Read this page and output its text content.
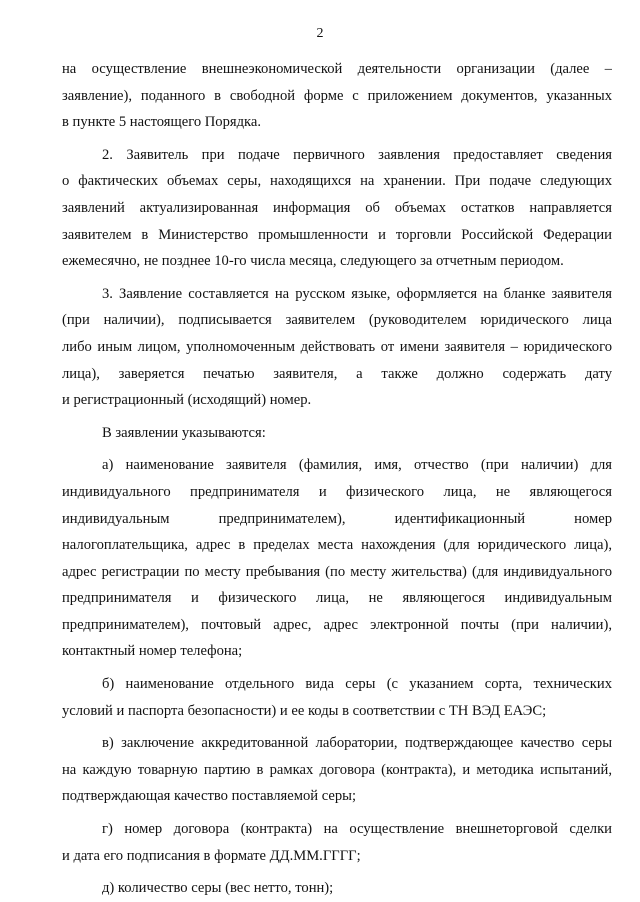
2
на осуществление внешнеэкономической деятельности организации (далее –
заявление), поданного в свободной форме с приложением документов, указанных
в пункте 5 настоящего Порядка.
2. Заявитель при подаче первичного заявления предоставляет сведения
о фактических объемах серы, находящихся на хранении. При подаче следующих
заявлений актуализированная информация об объемах остатков направляется
заявителем в Министерство промышленности и торговли Российской Федерации
ежемесячно, не позднее 10-го числа месяца, следующего за отчетным периодом.
3. Заявление составляется на русском языке, оформляется на бланке заявителя
(при наличии), подписывается заявителем (руководителем юридического лица
либо иным лицом, уполномоченным действовать от имени заявителя – юридического
лица), заверяется печатью заявителя, а также должно содержать дату
и регистрационный (исходящий) номер.
В заявлении указываются:
а) наименование заявителя (фамилия, имя, отчество (при наличии) для
индивидуального предпринимателя и физического лица, не являющегося
индивидуальным предпринимателем), идентификационный номер
налогоплательщика, адрес в пределах места нахождения (для юридического лица),
адрес регистрации по месту пребывания (по месту жительства) (для индивидуального
предпринимателя и физического лица, не являющегося индивидуальным
предпринимателем), почтовый адрес, адрес электронной почты (при наличии),
контактный номер телефона;
б) наименование отдельного вида серы (с указанием сорта, технических
условий и паспорта безопасности) и ее коды в соответствии с ТН ВЭД ЕАЭС;
в) заключение аккредитованной лаборатории, подтверждающее качество серы
на каждую товарную партию в рамках договора (контракта), и методика испытаний,
подтверждающая качество поставляемой серы;
г) номер договора (контракта) на осуществление внешнеторговой сделки
и дата его подписания в формате ДД.ММ.ГГГГ;
д) количество серы (вес нетто, тонн);
